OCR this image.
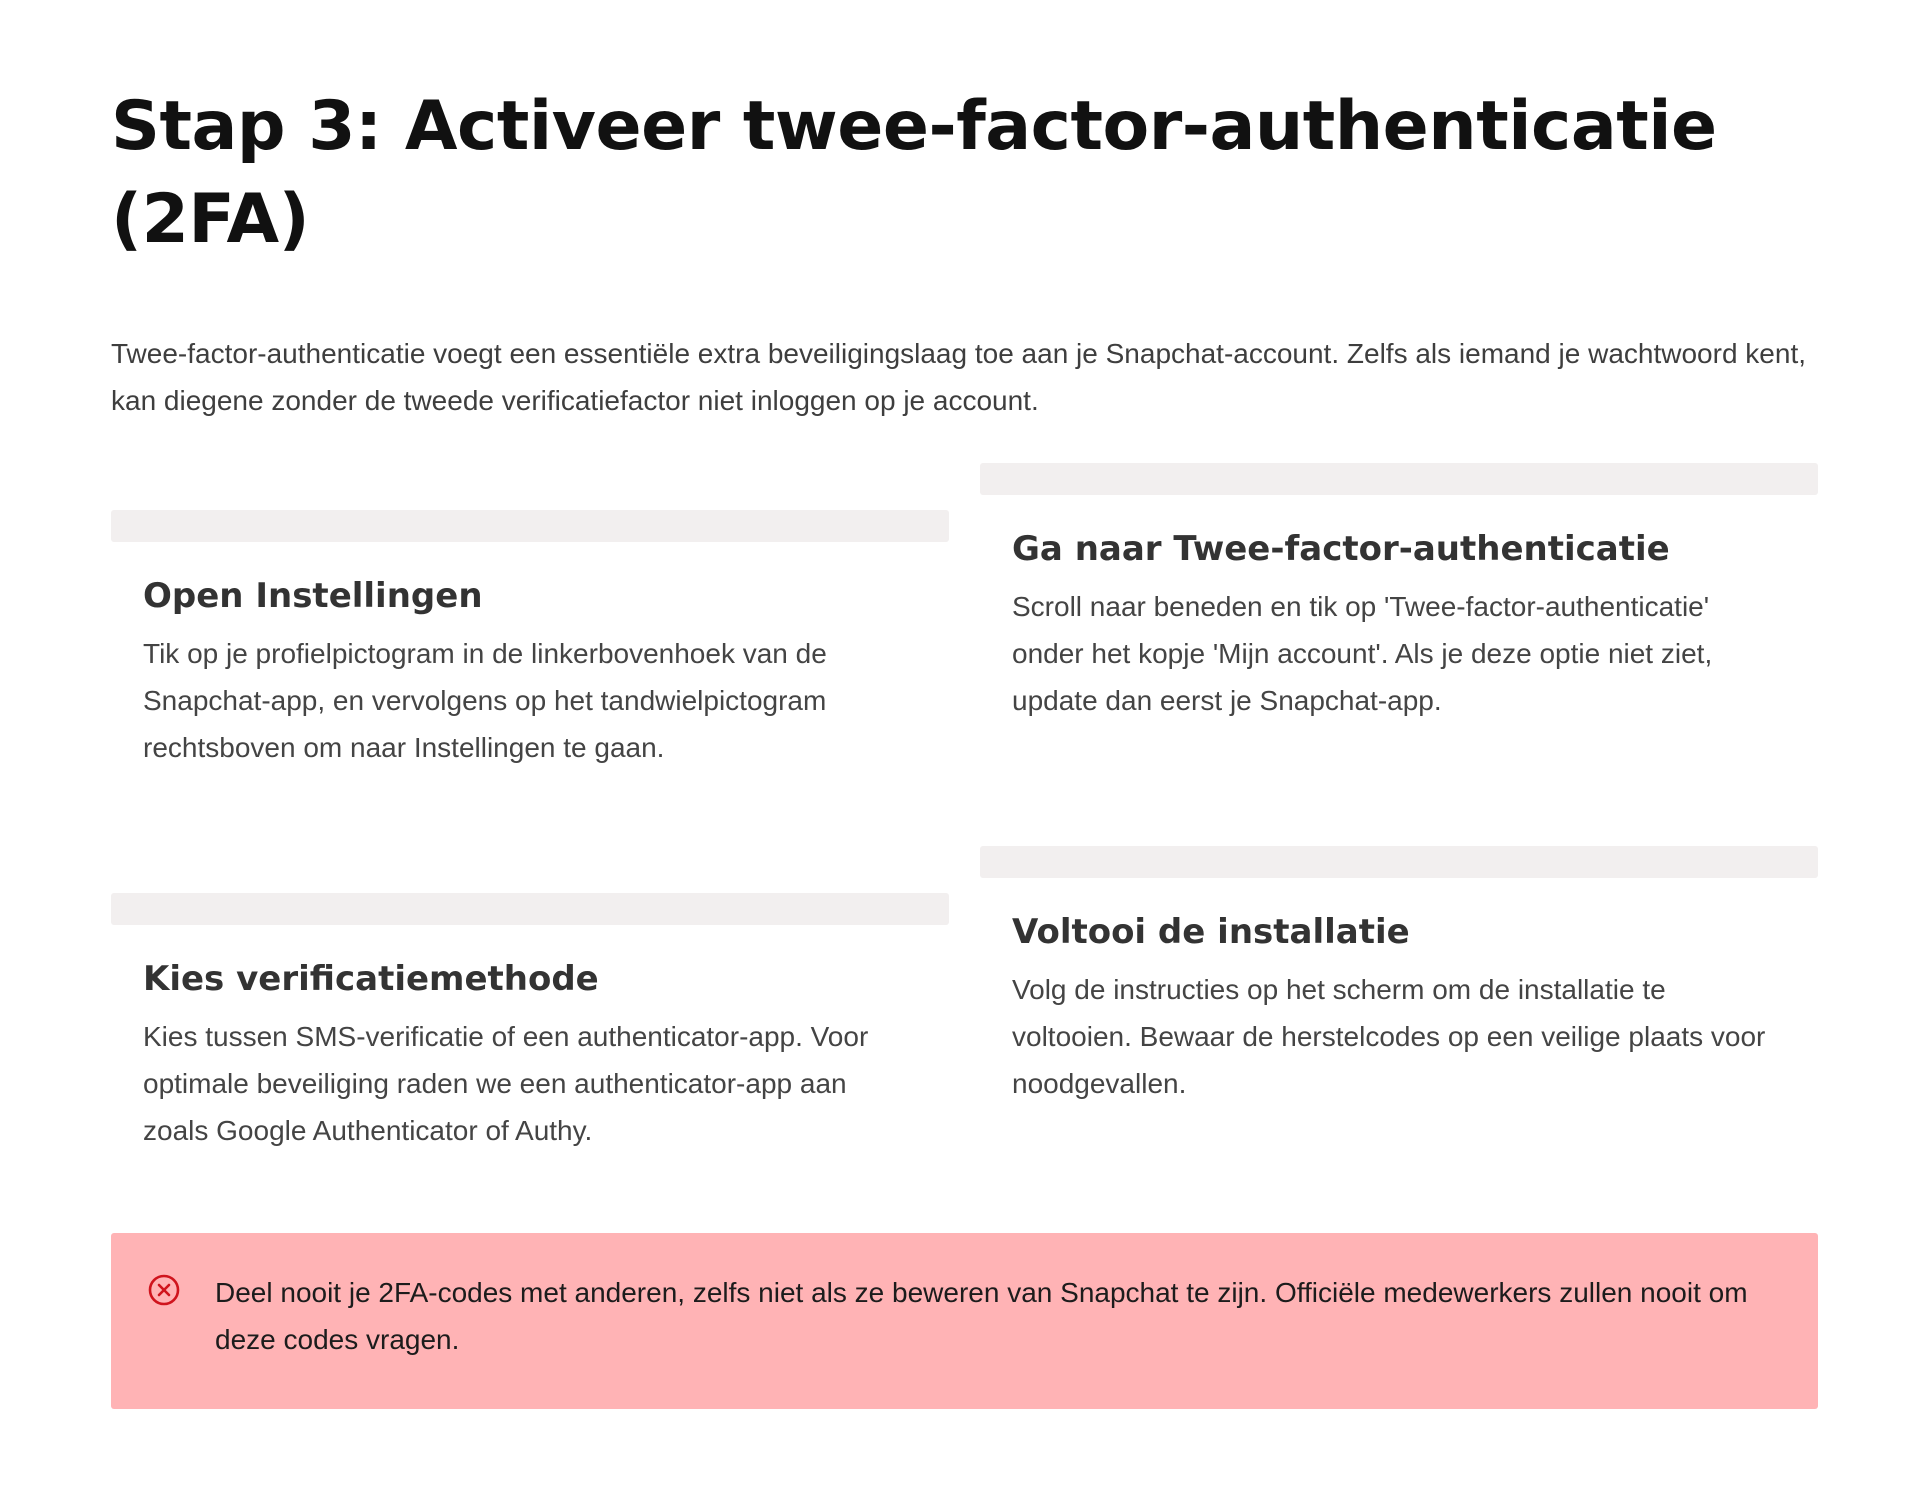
Stap 3: Activeer twee-factor-authenticatie (2FA)

Twee-factor-authenticatie voegt een essentiële extra beveiligingslaag toe aan je Snapchat-account. Zelfs als iemand je wachtwoord kent, kan diegene zonder de tweede verificatiefactor niet inloggen op je account.

Open Instellingen
Tik op je profielpictogram in de linkerbovenhoek van de Snapchat-app, en vervolgens op het tandwielpictogram rechtsboven om naar Instellingen te gaan.
Ga naar Twee-factor-authenticatie
Scroll naar beneden en tik op 'Twee-factor-authenticatie' onder het kopje 'Mijn account'. Als je deze optie niet ziet, update dan eerst je Snapchat-app.
Kies verificatiemethode
Kies tussen SMS-verificatie of een authenticator-app. Voor optimale beveiliging raden we een authenticator-app aan zoals Google Authenticator of Authy.
Voltooi de installatie
Volg de instructies op het scherm om de installatie te voltooien. Bewaar de herstelcodes op een veilige plaats voor noodgevallen.

Deel nooit je 2FA-codes met anderen, zelfs niet als ze beweren van Snapchat te zijn. Officiële medewerkers zullen nooit om deze codes vragen.
